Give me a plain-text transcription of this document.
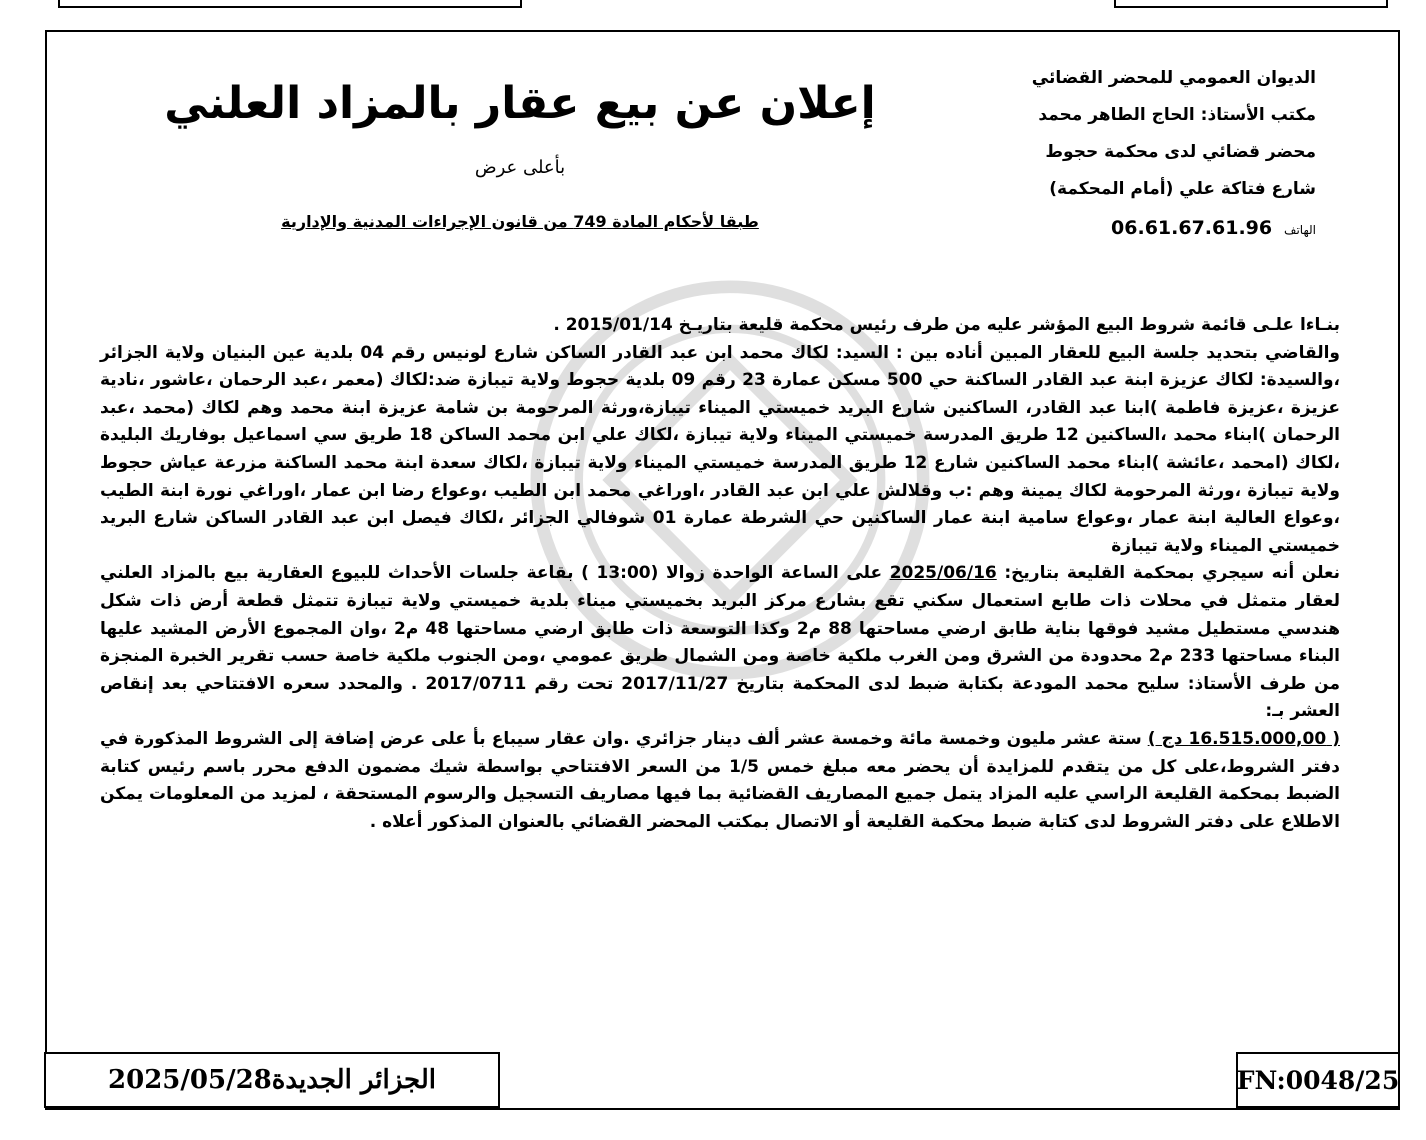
الديوان العمومي للمحضر القضائي
مكتب الأستاذ: الحاج الطاهر محمد
محضر قضائي لدى محكمة حجوط
شارع فتاكة علي (أمام المحكمة)
الهاتف 06.61.67.61.96
إعلان عن بيع عقار بالمزاد العلني
بأعلى عرض
طبقا لأحكام المادة 749 من قانون الإجراءات المدنية والإدارية
بنـاءا علـى قائمة شروط البيع المؤشر عليه من طرف رئيس محكمة قليعة بتاريـخ 2015/01/14 .
والقاضي بتحديد جلسة البيع للعقار المبين أناده بين : السيد: لكاك محمد ابن عبد القادر الساكن شارع لونيس رقم 04 بلدية عين البنيان ولاية الجزائر ،والسيدة: لكاك عزيزة ابنة عبد القادر الساكنة حي 500 مسكن عمارة 23 رقم 09 بلدية حجوط ولاية تيبازة ضد:لكاك (معمر ،عبد الرحمان ،عاشور ،نادية عزيزة ،عزيزة فاطمة )ابنا عبد القادر، الساكنين شارع البريد خميستي الميناء تيبازة،ورثة المرحومة بن شامة عزيزة ابنة محمد وهم لكاك (محمد ،عبد الرحمان )ابناء محمد ،الساكنين 12 طريق المدرسة خميستي الميناء ولاية تيبازة ،لكاك علي ابن محمد الساكن 18 طريق سي اسماعيل بوفاريك البليدة ،لكاك (امحمد ،عائشة )ابناء محمد الساكنين شارع 12 طريق المدرسة خميستي الميناء ولاية تيبازة ،لكاك سعدة ابنة محمد الساكنة مزرعة عياش حجوط ولاية تيبازة ،ورثة المرحومة لكاك يمينة وهم :ب وقلالش علي ابن عبد القادر ،اوراغي محمد ابن الطيب ،وعواع رضا ابن عمار ،اوراغي نورة ابنة الطيب ،وعواع العالية ابنة عمار ،وعواع سامية ابنة عمار الساكنين حي الشرطة عمارة 01 شوفالي الجزائر ،لكاك فيصل ابن عبد القادر الساكن شارع البريد خميستي الميناء ولاية تيبازة
نعلن أنه سيجري بمحكمة القليعة بتاريخ: 2025/06/16 على الساعة الواحدة زوالا (13:00 ) بقاعة جلسات الأحداث للبيوع العقارية بيع بالمزاد العلني لعقار متمثل في محلات ذات طابع استعمال سكني تقع بشارع مركز البريد بخميستي ميناء بلدية خميستي ولاية تيبازة تتمثل قطعة أرض ذات شكل هندسي مستطيل مشيد فوقها بناية طابق ارضي مساحتها 88 م2 وكذا التوسعة ذات طابق ارضي مساحتها 48 م2 ،وان المجموع الأرض المشيد عليها البناء مساحتها 233 م2 محدودة من الشرق ومن الغرب ملكية خاصة ومن الشمال طريق عمومي ،ومن الجنوب ملكية خاصة حسب تقرير الخبرة المنجزة من طرف الأستاذ: سليح محمد المودعة بكتابة ضبط لدى المحكمة بتاريخ 2017/11/27 تحت رقم 2017/0711 . والمحدد سعره الافتتاحي بعد إنقاص العشر بـ:
( 16.515.000,00 دج ) ستة عشر مليون وخمسة مائة وخمسة عشر ألف دينار جزائري .وان عقار سيباع بأ على عرض إضافة إلى الشروط المذكورة في دفتر الشروط،على كل من يتقدم للمزايدة أن يحضر معه مبلغ خمس 1/5 من السعر الافتتاحي بواسطة شيك مضمون الدفع محرر باسم رئيس كتابة الضبط بمحكمة القليعة الراسي عليه المزاد يتمل جميع المصاريف القضائية بما فيها مصاريف التسجيل والرسوم المستحقة ، لمزيد من المعلومات يمكن الاطلاع على دفتر الشروط لدى كتابة ضبط محكمة القليعة أو الاتصال بمكتب المحضر القضائي بالعنوان المذكور أعلاه .
الجزائر الجديدة2025/05/28	FN:0048/25
